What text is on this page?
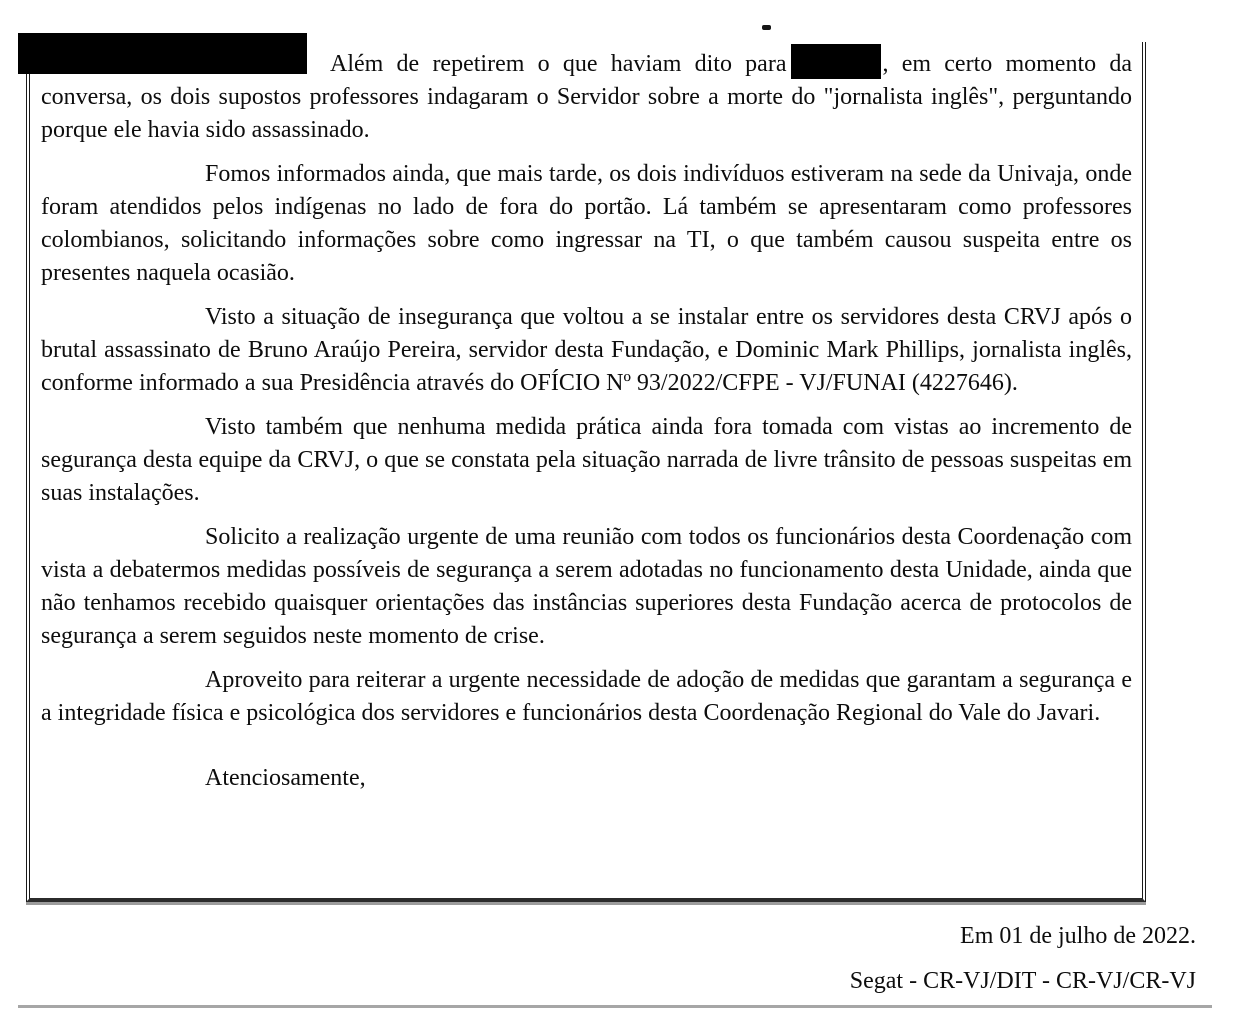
Além de repetirem o que haviam dito para	, em certo momento da conversa, os dois supostos professores indagaram o Servidor sobre a morte do "jornalista inglês", perguntando porque ele havia sido assassinado.

Fomos informados ainda, que mais tarde, os dois indivíduos estiveram na sede da Univaja, onde foram atendidos pelos indígenas no lado de fora do portão. Lá também se apresentaram como professores colombianos, solicitando informações sobre como ingressar na TI, o que também causou suspeita entre os presentes naquela ocasião.

Visto a situação de insegurança que voltou a se instalar entre os servidores desta CRVJ após o brutal assassinato de Bruno Araújo Pereira, servidor desta Fundação, e Dominic Mark Phillips, jornalista inglês, conforme informado a sua Presidência através do OFÍCIO Nº 93/2022/CFPE - VJ/FUNAI (4227646).

Visto também que nenhuma medida prática ainda fora tomada com vistas ao incremento de segurança desta equipe da CRVJ, o que se constata pela situação narrada de livre trânsito de pessoas suspeitas em suas instalações.

Solicito a realização urgente de uma reunião com todos os funcionários desta Coordenação com vista a debatermos medidas possíveis de segurança a serem adotadas no funcionamento desta Unidade, ainda que não tenhamos recebido quaisquer orientações das instâncias superiores desta Fundação acerca de protocolos de segurança a serem seguidos neste momento de crise.

Aproveito para reiterar a urgente necessidade de adoção de medidas que garantam a segurança e a integridade física e psicológica dos servidores e funcionários desta Coordenação Regional do Vale do Javari.

Atenciosamente,

Em 01 de julho de 2022.
Segat - CR-VJ/DIT - CR-VJ/CR-VJ
